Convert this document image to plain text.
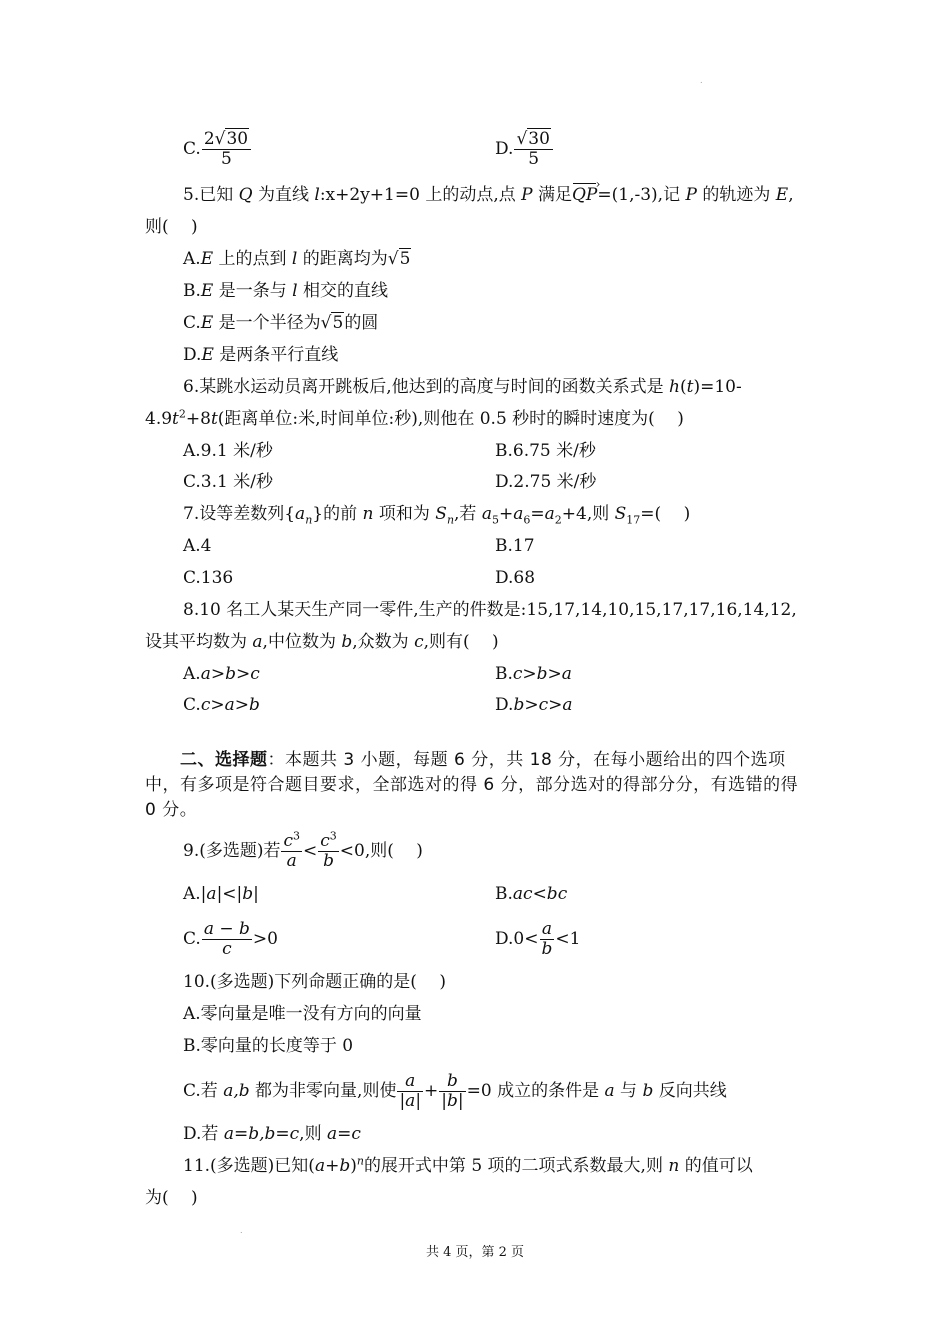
.
.
C. $\frac{2√30}{5}$	D. $\frac{√30}{5}$
5.已知 Q 为直线 l:x+2y+1=0 上的动点,点 P 满足QP ›=(1,-3),记 P 的轨迹为 E,
则(　 )
A.E 上的点到 l 的距离均为√5
B.E 是一条与 l 相交的直线
C.E 是一个半径为√5的圆
D.E 是两条平行直线
6.某跳水运动员离开跳板后,他达到的高度与时间的函数关系式是 h(t)=10-
$4.9t^2+8t$(距离单位:米,时间单位:秒),则他在 0.5 秒时的瞬时速度为(　 )
A.9.1 米/秒	B.6.75 米/秒
C.3.1 米/秒	D.2.75 米/秒
7.设等差数列$\{a_n\}$的前 n 项和为 $S_n$,若 $a_5+a_6=a_2+4$,则 $S_{17}=$(　 )
A.4	B.17
C.136	D.68
8.10 名工人某天生产同一零件,生产的件数是:15,17,14,10,15,17,17,16,14,12,
设其平均数为 a,中位数为 b,众数为 c,则有(　 )
A.a>b>c	B.c>b>a
C.c>a>b	D.b>c>a
二、选择题：本题共 3 小题，每题 6 分，共 18 分，在每小题给出的四个选项中，有多项是符合题目要求，全部选对的得 6 分，部分选对的得部分分，有选错的得 0 分。
9.(多选题)若 $\frac{c^3}{a} < \frac{c^3}{b} <0$,则(　 )
A.|a|<|b|	B.ac<bc
C. $\frac{a - b}{c} >0$	$D.0< \frac{a}{b} <1$
10.(多选题)下列命题正确的是(　 )
A.零向量是唯一没有方向的向量
B.零向量的长度等于 0
C.若 a,b 都为非零向量,则使 $\frac{a}{|a|} + \frac{b}{|b|} =0$ 成立的条件是 a 与 b 反向共线
D.若 a=b,b=c,则 a=c
11.(多选题)已知$(a+b)^n$的展开式中第 5 项的二项式系数最大,则 n 的值可以
为(　 )
共 4 页，第 2 页
